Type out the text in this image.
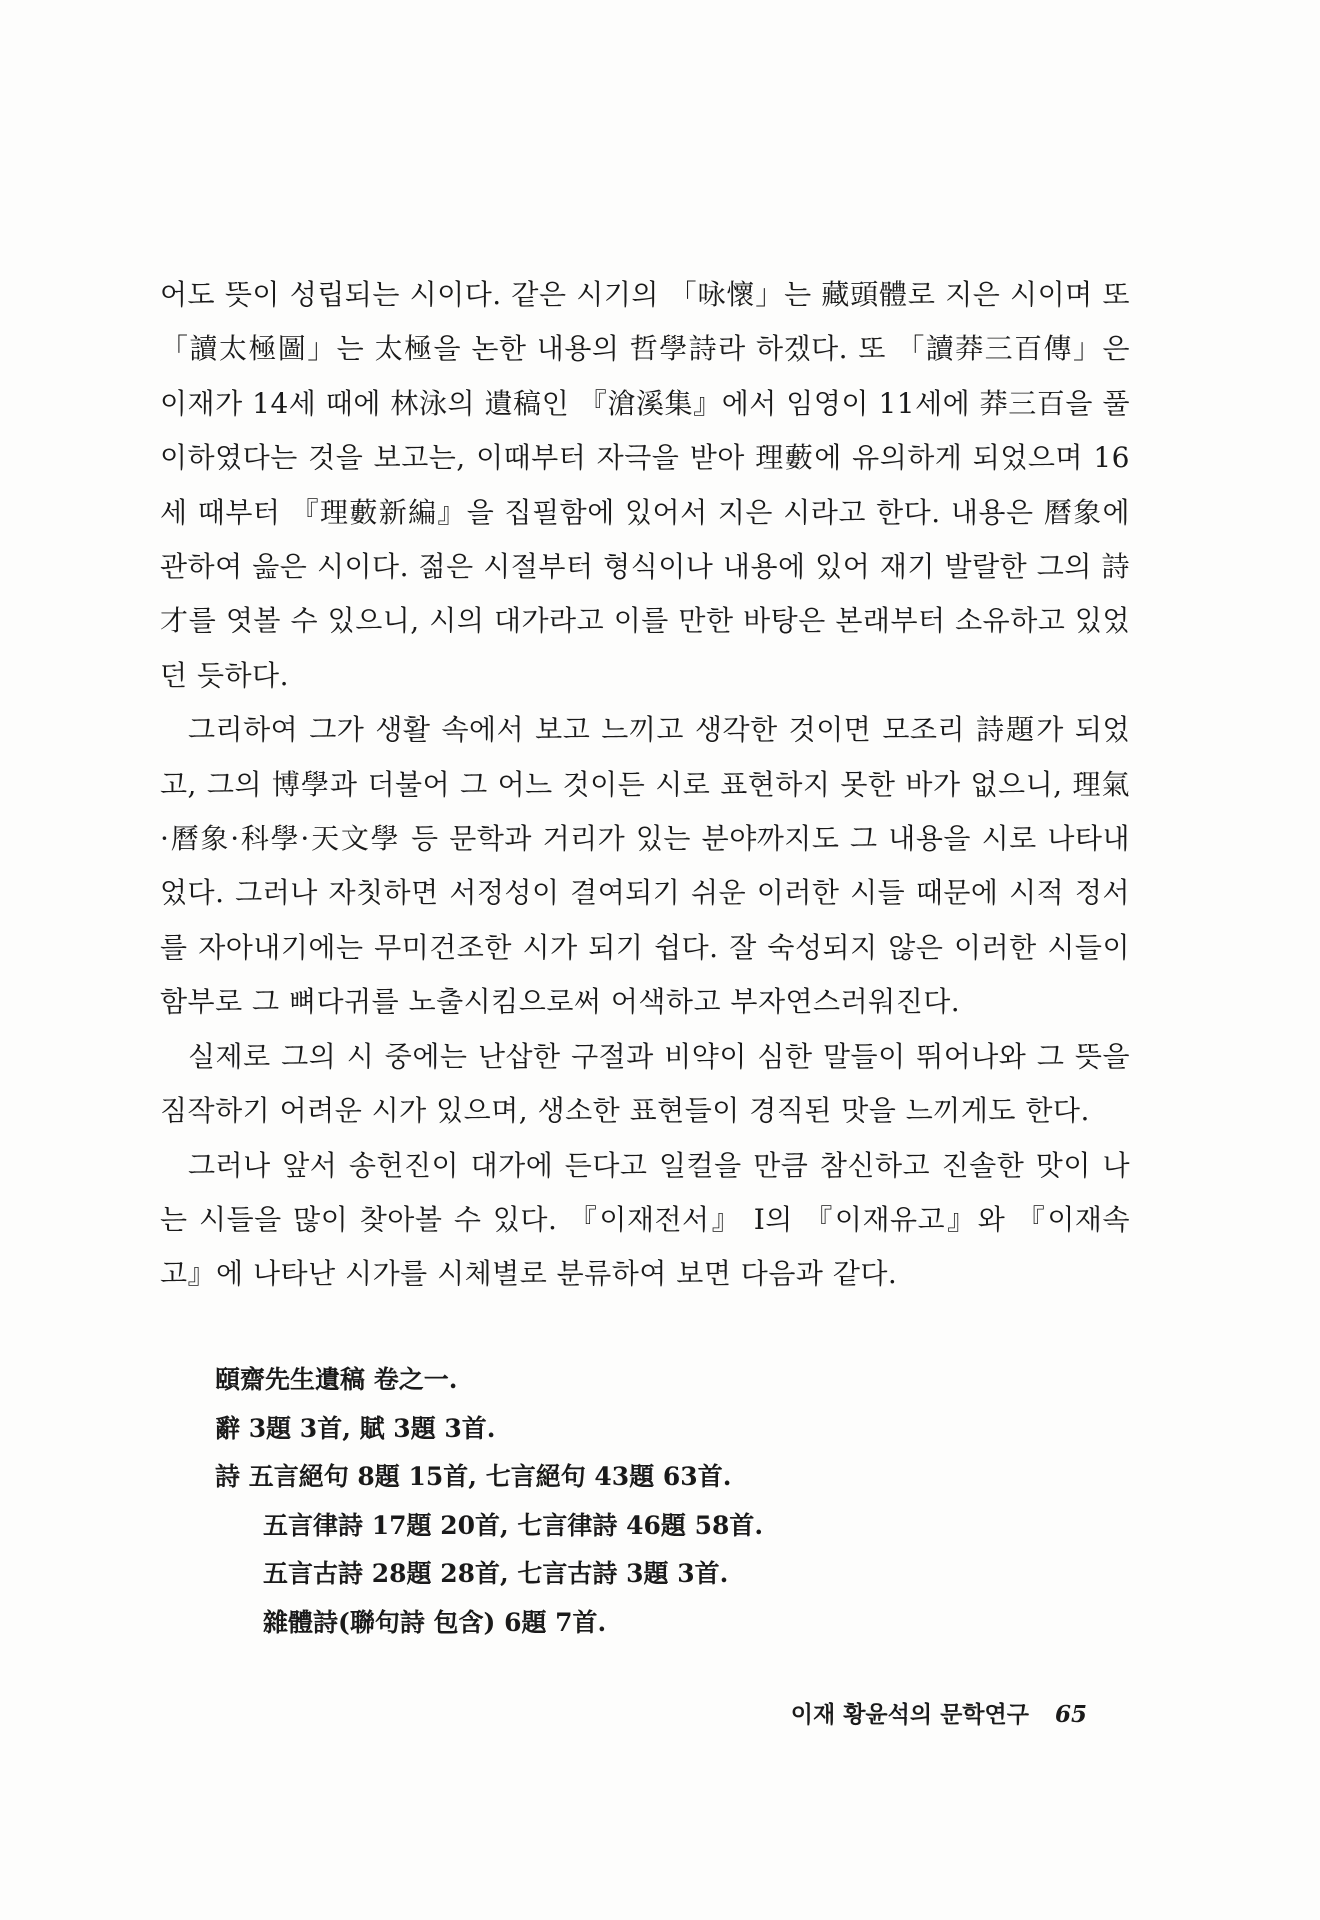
어도 뜻이 성립되는 시이다. 같은 시기의 「咏懷」는 藏頭體로 지은 시이며 또 「讀太極圖」는 太極을 논한 내용의 哲學詩라 하겠다. 또 「讀莽三百傳」은 이재가 14세 때에 林泳의 遺稿인 『滄溪集』에서 임영이 11세에 莽三百을 풀이하였다는 것을 보고는, 이때부터 자극을 받아 理藪에 유의하게 되었으며 16세 때부터 『理藪新編』을 집필함에 있어서 지은 시라고 한다. 내용은 曆象에 관하여 읊은 시이다. 젊은 시절부터 형식이나 내용에 있어 재기 발랄한 그의 詩才를 엿볼 수 있으니, 시의 대가라고 이를 만한 바탕은 본래부터 소유하고 있었던 듯하다.

그리하여 그가 생활 속에서 보고 느끼고 생각한 것이면 모조리 詩題가 되었고, 그의 博學과 더불어 그 어느 것이든 시로 표현하지 못한 바가 없으니, 理氣·曆象·科學·天文學 등 문학과 거리가 있는 분야까지도 그 내용을 시로 나타내었다. 그러나 자칫하면 서정성이 결여되기 쉬운 이러한 시들 때문에 시적 정서를 자아내기에는 무미건조한 시가 되기 쉽다. 잘 숙성되지 않은 이러한 시들이 함부로 그 뼈다귀를 노출시킴으로써 어색하고 부자연스러워진다.

실제로 그의 시 중에는 난삽한 구절과 비약이 심한 말들이 뛰어나와 그 뜻을 짐작하기 어려운 시가 있으며, 생소한 표현들이 경직된 맛을 느끼게도 한다.

그러나 앞서 송헌진이 대가에 든다고 일컬을 만큼 참신하고 진솔한 맛이 나는 시들을 많이 찾아볼 수 있다. 『이재전서』 I의 『이재유고』와 『이재속고』에 나타난 시가를 시체별로 분류하여 보면 다음과 같다.

頤齋先生遺稿 卷之一.

辭 3題 3首, 賦 3題 3首.

詩 五言絕句 8題 15首, 七言絕句 43題 63首.

五言律詩 17題 20首, 七言律詩 46題 58首.

五言古詩 28題 28首, 七言古詩 3題 3首.

雜體詩(聯句詩 包含) 6題 7首.

이재 황윤석의 문학연구 65
